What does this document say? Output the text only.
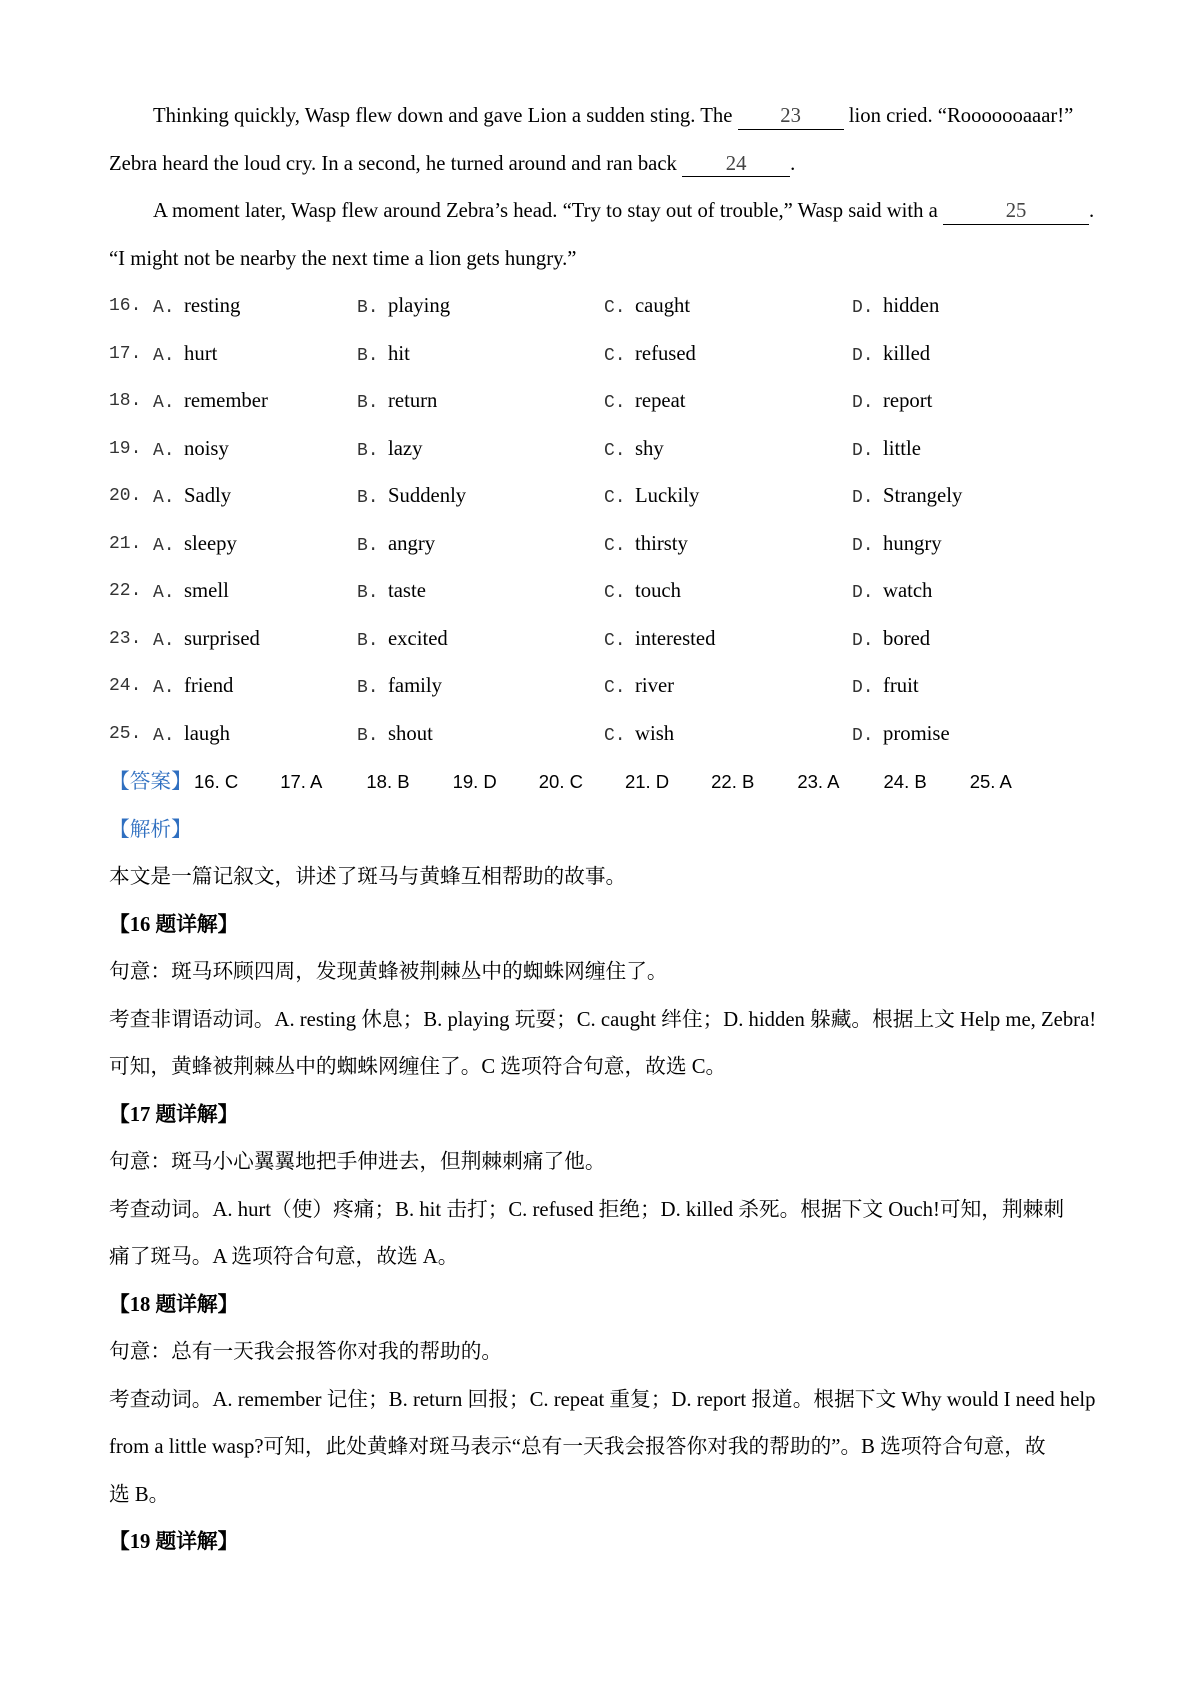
Thinking quickly, Wasp flew down and gave Lion a sudden sting. The 23 lion cried. “Rooooooaaar!”
Zebra heard the loud cry. In a second, he turned around and ran back 24 .
A moment later, Wasp flew around Zebra’s head. “Try to stay out of trouble,” Wasp said with a	25	.
“I might not be nearby the next time a lion gets hungry.”
16. A. resting	B. playing	C. caught	D. hidden
17. A. hurt	B. hit	C. refused	D. killed
18. A. remember	B. return	C. repeat	D. report
19. A. noisy	B. lazy	C. shy	D. little
20. A. Sadly	B. Suddenly	C. Luckily	D. Strangely
21. A. sleepy	B. angry	C. thirsty	D. hungry
22. A. smell	B. taste	C. touch	D. watch
23. A. surprised	B. excited	C. interested	D. bored
24. A. friend	B. family	C. river	D. fruit
25. A. laugh	B. shout	C. wish	D. promise
【答案】 16. C 17. A 18. B 19. D 20. C 21. D 22. B 23. A 24. B 25. A
【解析】
本文是一篇记叙文，讲述了斑马与黄蜂互相帮助的故事。
【16 题详解】
句意：斑马环顾四周，发现黄蜂被荆棘丛中的蜘蛛网缠住了。
考查非谓语动词。A. resting 休息；B. playing 玩耍；C. caught 绊住；D. hidden 躲藏。根据上文 Help me, Zebra!
可知，黄蜂被荆棘丛中的蜘蛛网缠住了。C 选项符合句意，故选 C。
【17 题详解】
句意：斑马小心翼翼地把手伸进去，但荆棘刺痛了他。
考查动词。A. hurt（使）疼痛；B. hit 击打；C. refused 拒绝；D. killed 杀死。根据下文 Ouch!可知，荆棘刺
痛了斑马。A 选项符合句意，故选 A。
【18 题详解】
句意：总有一天我会报答你对我的帮助的。
考查动词。A. remember 记住；B. return 回报；C. repeat 重复；D. report 报道。根据下文 Why would I need help
from a little wasp?可知，此处黄蜂对斑马表示“总有一天我会报答你对我的帮助的”。B 选项符合句意，故
选 B。
【19 题详解】
